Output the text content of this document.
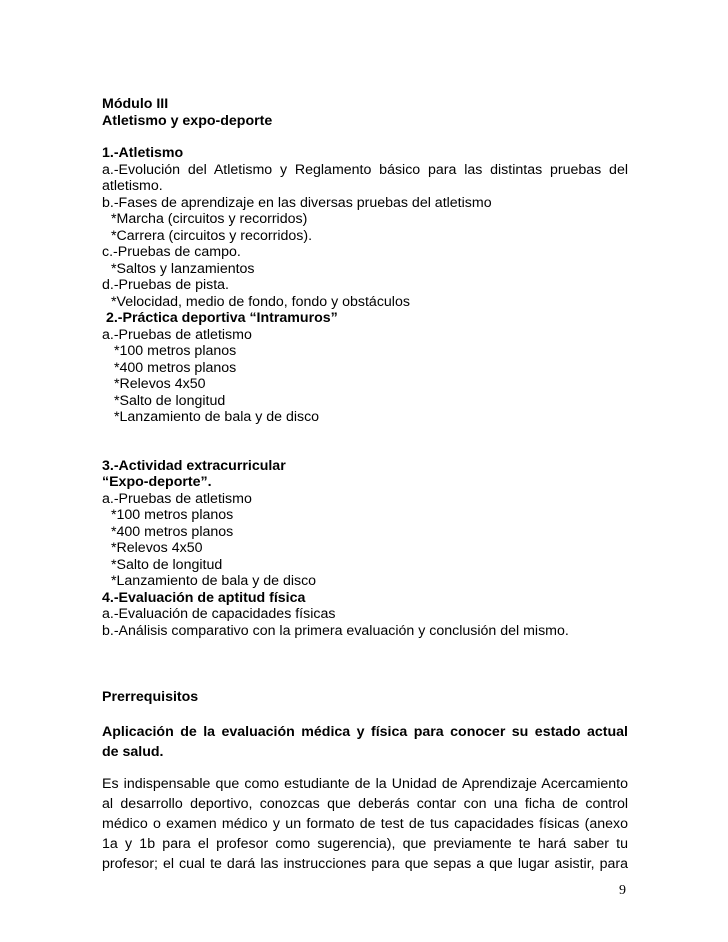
Módulo III
Atletismo y expo-deporte
1.-Atletismo
a.-Evolución del Atletismo y Reglamento básico para las distintas pruebas del
atletismo.
b.-Fases de aprendizaje en las diversas pruebas del atletismo
*Marcha (circuitos y recorridos)
*Carrera (circuitos y recorridos).
c.-Pruebas de campo.
*Saltos y lanzamientos
d.-Pruebas de pista.
*Velocidad, medio de fondo, fondo y obstáculos
2.-Práctica deportiva “Intramuros”
a.-Pruebas de atletismo
*100 metros planos
*400 metros planos
*Relevos 4x50
*Salto de longitud
*Lanzamiento de bala y de disco
3.-Actividad extracurricular
“Expo-deporte”.
a.-Pruebas de atletismo
*100 metros planos
*400 metros planos
*Relevos 4x50
*Salto de longitud
*Lanzamiento de bala y de disco
4.-Evaluación de aptitud física
a.-Evaluación de capacidades físicas
b.-Análisis comparativo con la primera evaluación y conclusión del mismo.
Prerrequisitos
Aplicación de la evaluación médica y física para conocer su estado actual
de salud.
Es indispensable que como estudiante de la Unidad de Aprendizaje Acercamiento
al desarrollo deportivo, conozcas que deberás contar con una ficha de control
médico o examen médico y un formato de test de tus capacidades físicas (anexo
1a y 1b para el profesor como sugerencia), que previamente te hará saber tu
profesor; el cual te dará las instrucciones para que sepas a que lugar asistir, para
9
